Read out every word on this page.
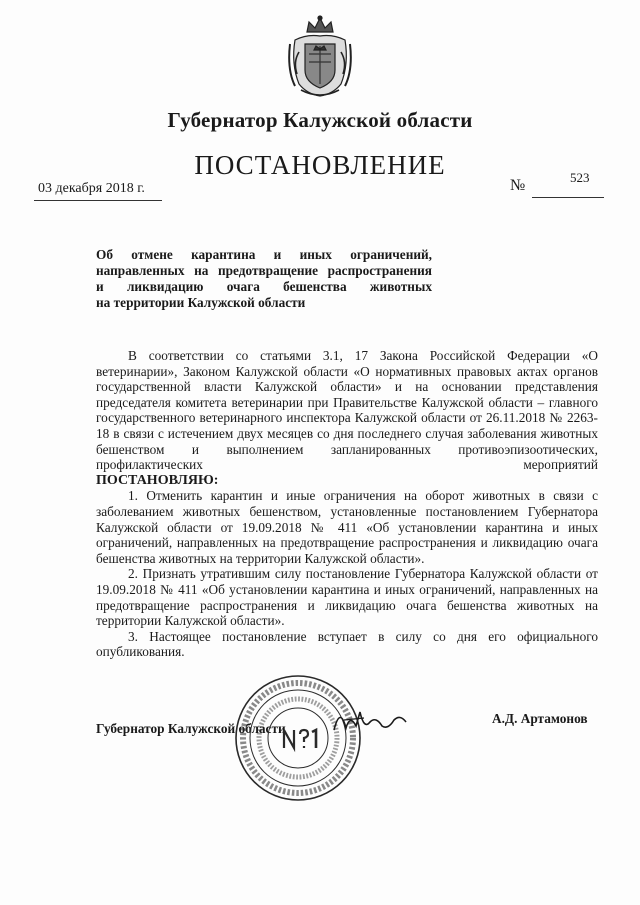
Губернатор Калужской области
ПОСТАНОВЛЕНИЕ
03 декабря 2018 г.	№	523
Об отмене карантина и иных ограничений,
направленных на предотвращение распространения
и ликвидацию очага бешенства животных
на территории Калужской области

В соответствии со статьями 3.1, 17 Закона Российской Федерации «О ветеринарии», Законом Калужской области «О нормативных правовых актах органов государственной власти Калужской области» и на основании представления председателя комитета ветеринарии при Правительстве Калужской области – главного государственного ветеринарного инспектора Калужской области от 26.11.2018 № 2263-18 в связи с истечением двух месяцев со дня последнего случая заболевания животных бешенством и выполнением запланированных противоэпизоотических, профилактических мероприятий

ПОСТАНОВЛЯЮ:

1. Отменить карантин и иные ограничения на оборот животных в связи с заболеванием животных бешенством, установленные постановлением Губернатора Калужской области от 19.09.2018 № 411 «Об установлении карантина и иных ограничений, направленных на предотвращение распространения и ликвидацию очага бешенства животных на территории Калужской области».

2. Признать утратившим силу постановление Губернатора Калужской области от 19.09.2018 № 411 «Об установлении карантина и иных ограничений, направленных на предотвращение распространения и ликвидацию очага бешенства животных на территории Калужской области».

3. Настоящее постановление вступает в силу со дня его официального опубликования.

Губернатор Калужской области
А.Д. Артамонов
